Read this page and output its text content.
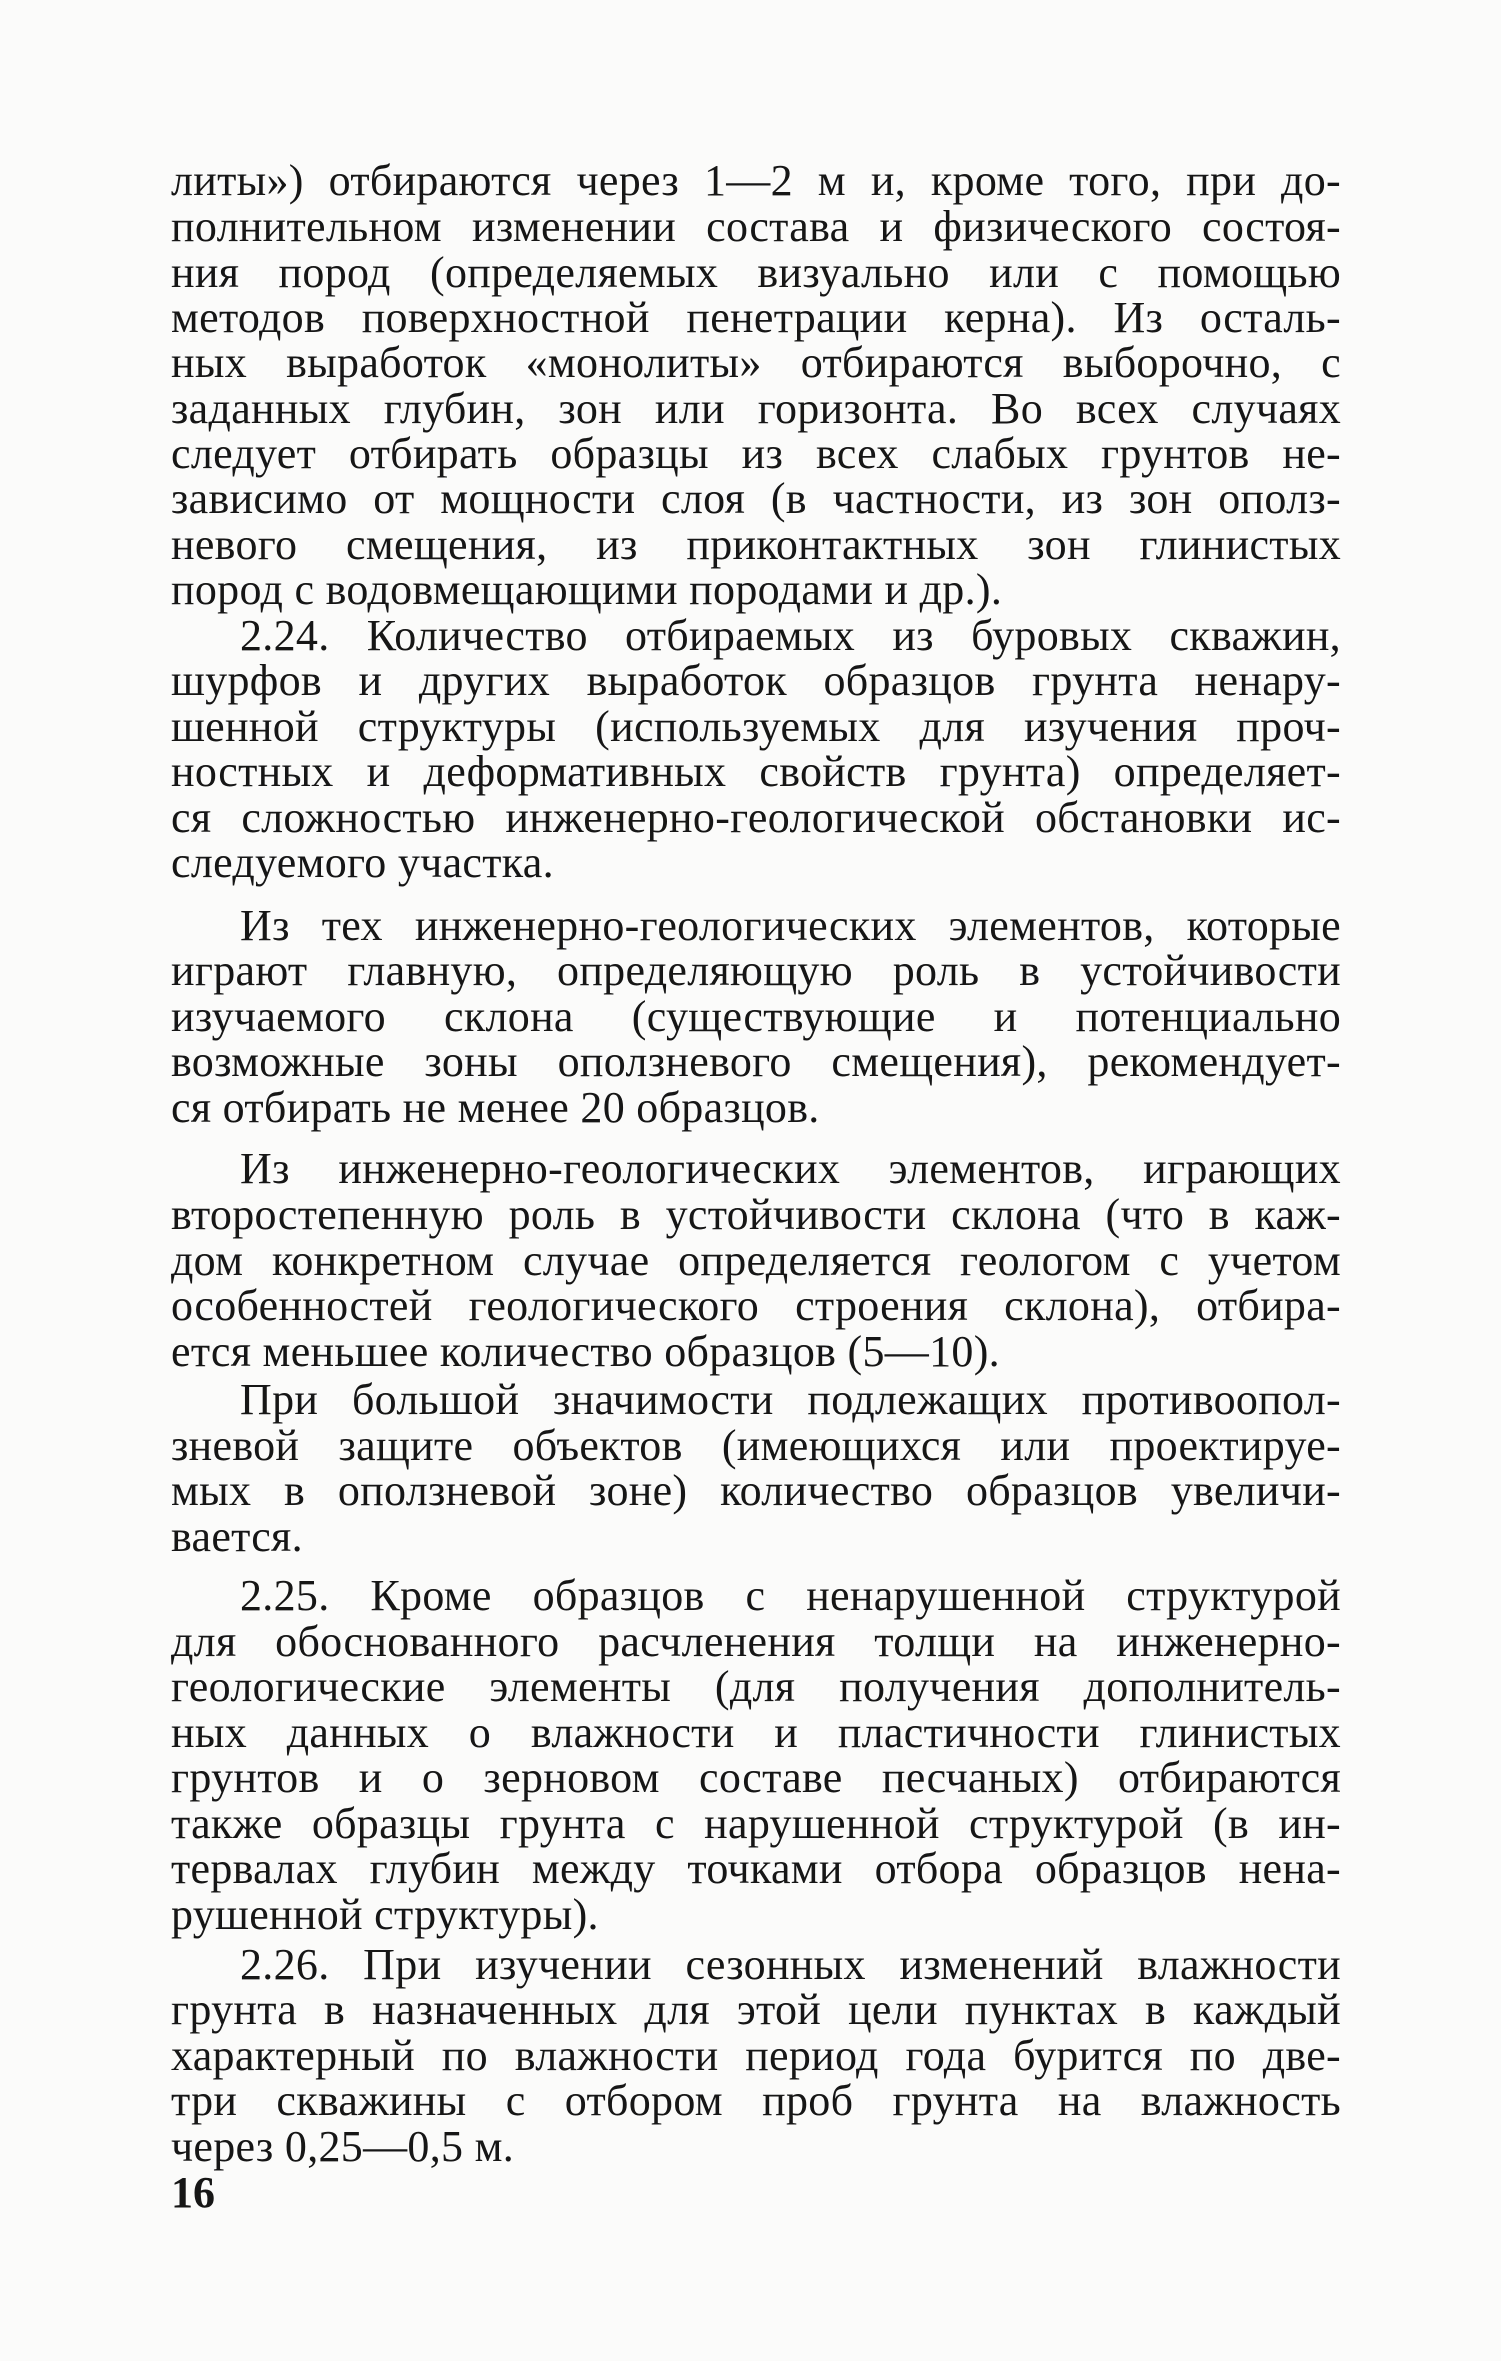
литы») отбираются через 1—2 м и, кроме того, при до-
полнительном изменении состава и физического состоя-
ния пород (определяемых визуально или с помощью
методов поверхностной пенетрации керна). Из осталь-
ных выработок «монолиты» отбираются выборочно, с
заданных глубин, зон или горизонта. Во всех случаях
следует отбирать образцы из всех слабых грунтов не-
зависимо от мощности слоя (в частности, из зон ополз-
невого смещения, из приконтактных зон глинистых
пород с водовмещающими породами и др.).
2.24. Количество отбираемых из буровых скважин,
шурфов и других выработок образцов грунта ненару-
шенной структуры (используемых для изучения проч-
ностных и деформативных свойств грунта) определяет-
ся сложностью инженерно-геологической обстановки ис-
следуемого участка.
Из тех инженерно-геологических элементов, которые
играют главную, определяющую роль в устойчивости
изучаемого склона (существующие и потенциально
возможные зоны оползневого смещения), рекомендует-
ся отбирать не менее 20 образцов.
Из инженерно-геологических элементов, играющих
второстепенную роль в устойчивости склона (что в каж-
дом конкретном случае определяется геологом с учетом
особенностей геологического строения склона), отбира-
ется меньшее количество образцов (5—10).
При большой значимости подлежащих противоопол-
зневой защите объектов (имеющихся или проектируе-
мых в оползневой зоне) количество образцов увеличи-
вается.
2.25. Кроме образцов с ненарушенной структурой
для обоснованного расчленения толщи на инженерно-
геологические элементы (для получения дополнитель-
ных данных о влажности и пластичности глинистых
грунтов и о зерновом составе песчаных) отбираются
также образцы грунта с нарушенной структурой (в ин-
тервалах глубин между точками отбора образцов нена-
рушенной структуры).
2.26. При изучении сезонных изменений влажности
грунта в назначенных для этой цели пунктах в каждый
характерный по влажности период года бурится по две-
три скважины с отбором проб грунта на влажность
через 0,25—0,5 м.
16
